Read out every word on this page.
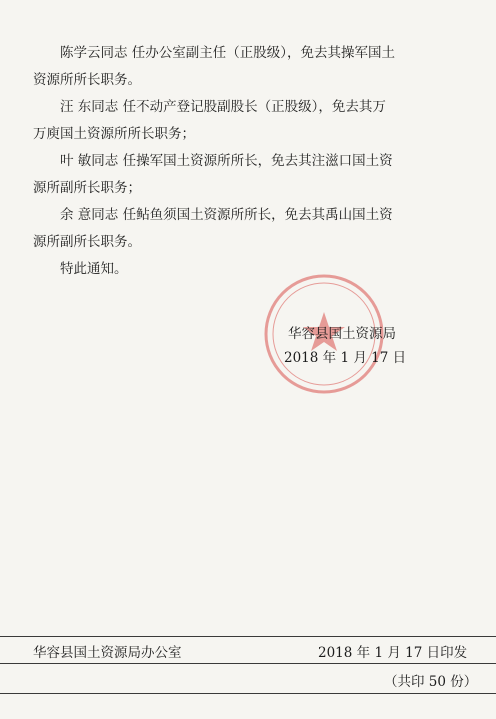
陈学云同志 任办公室副主任（正股级），免去其操军国土
资源所所长职务。
汪 东同志 任不动产登记股副股长（正股级），免去其万
万庾国土资源所所长职务；
叶 敏同志 任操军国土资源所所长，免去其注滋口国土资
源所副所长职务；
余 意同志 任鲇鱼须国土资源所所长，免去其禹山国土资
源所副所长职务。
特此通知。
华容县国土资源局
2018 年 1 月 17 日
华容县国土资源局办公室	2018 年 1 月 17 日印发
（共印 50 份）
